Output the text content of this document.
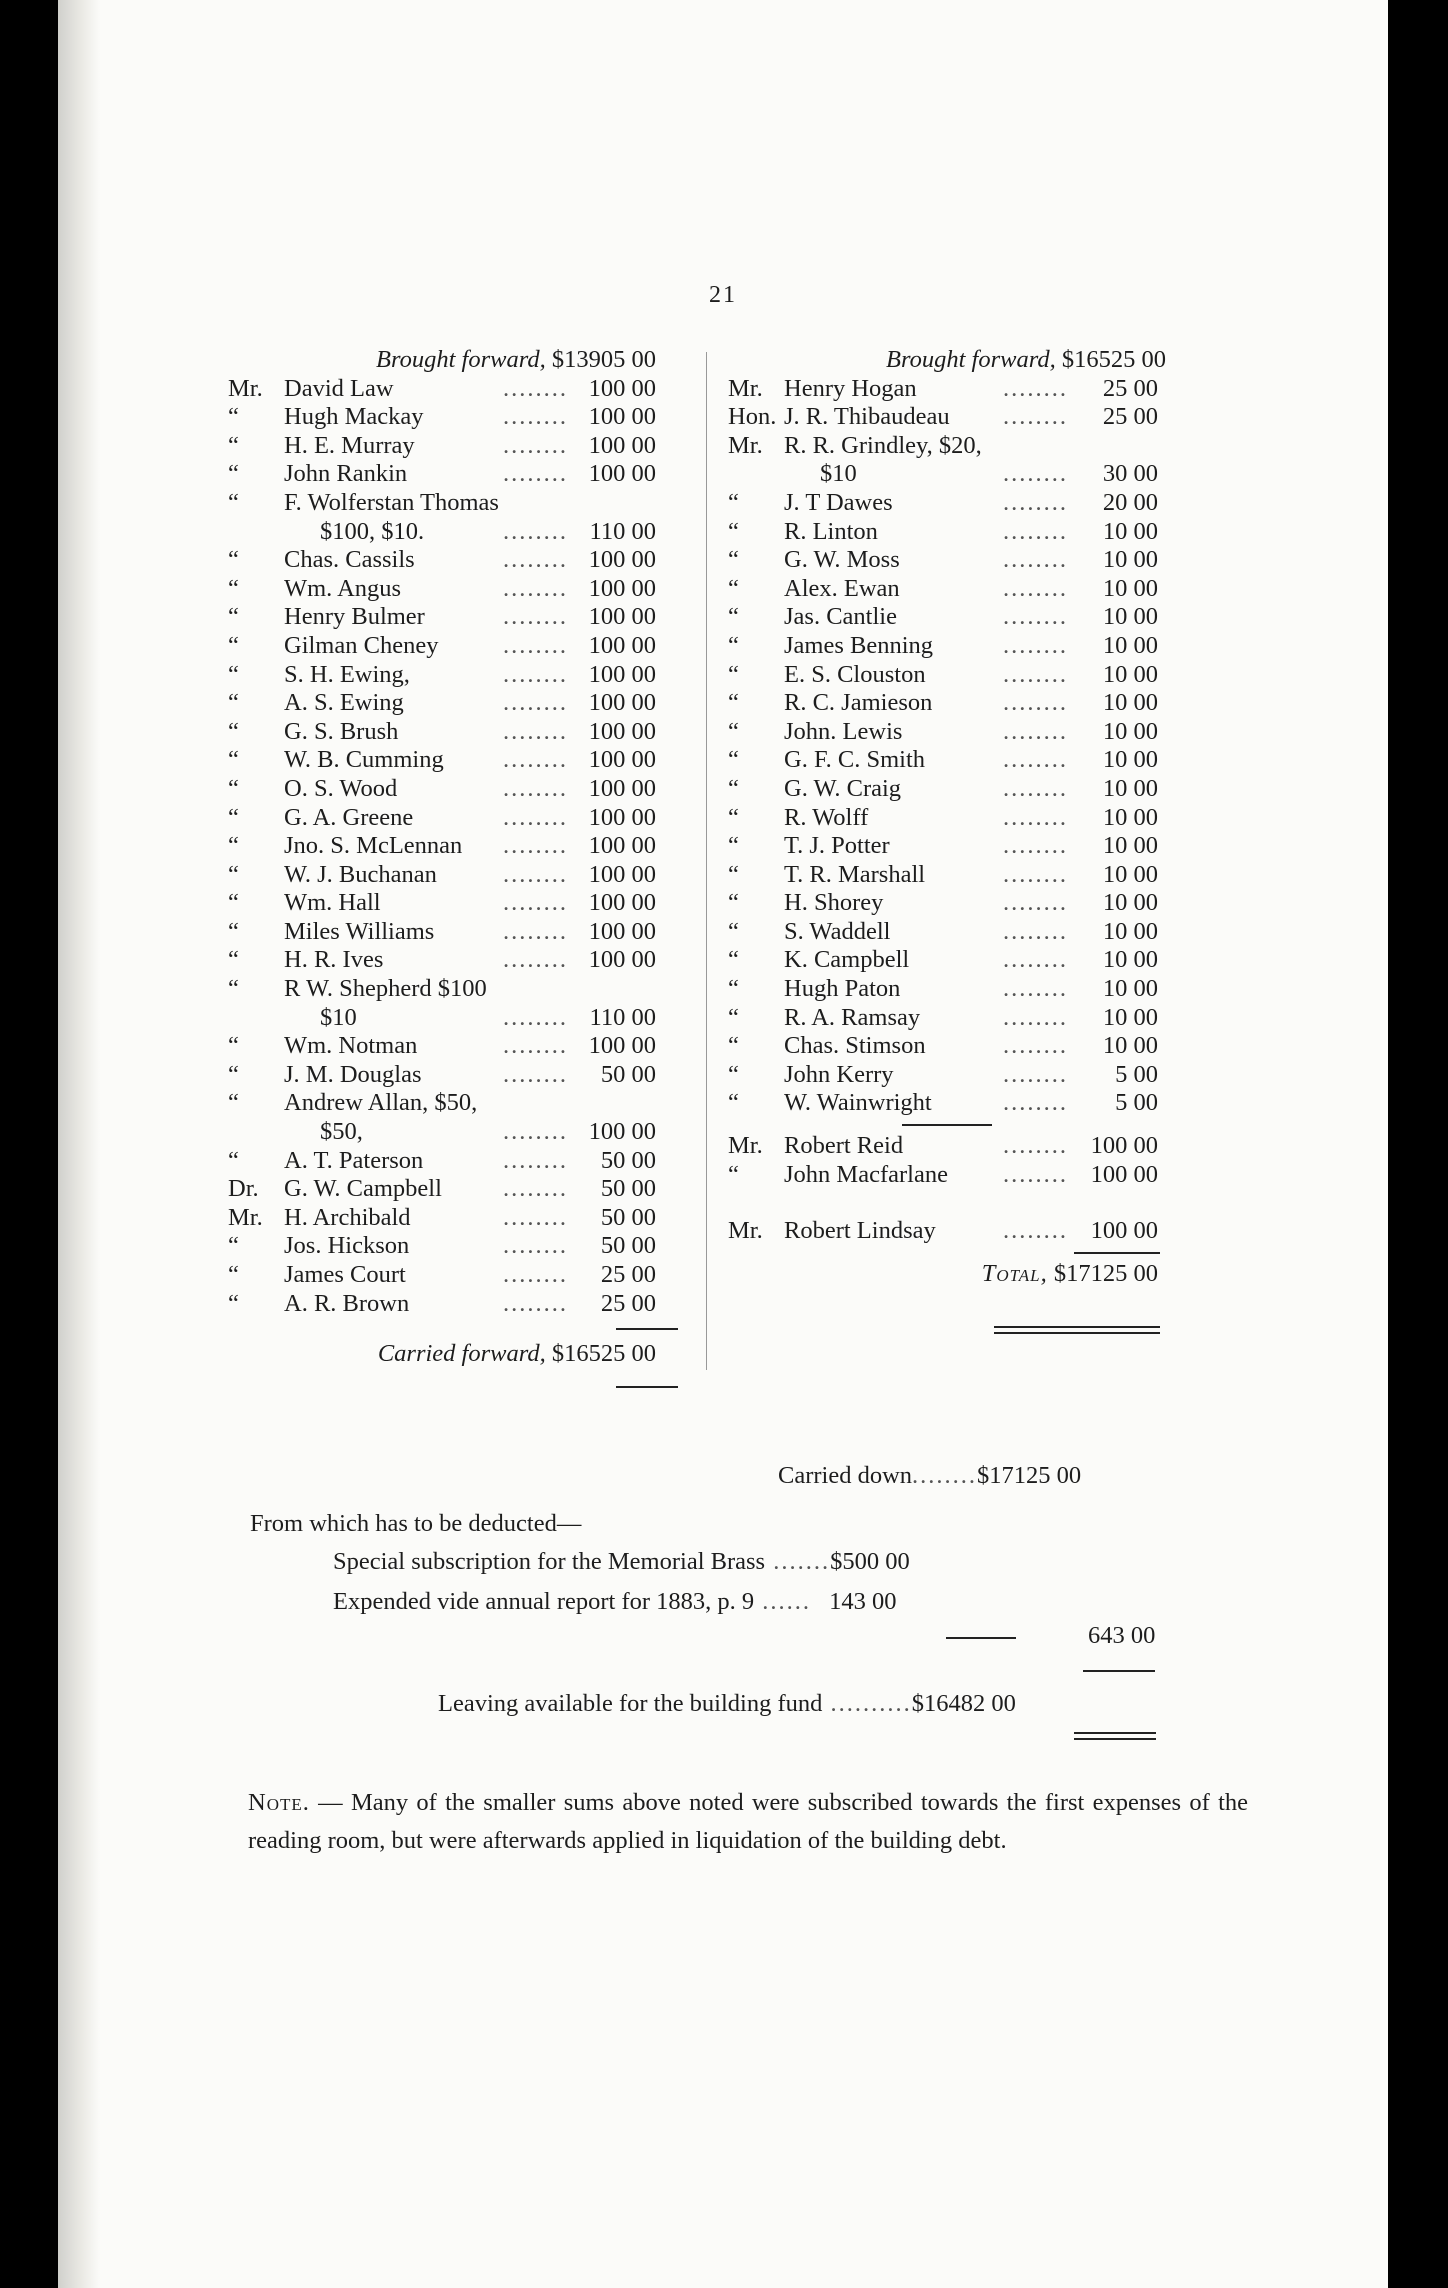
21
Brought forward, $13905 00
Mr. David Law	........ 100 00
“ Hugh Mackay	........ 100 00
“ H. E. Murray	........ 100 00
“ John Rankin	........ 100 00
“ F. Wolferstan Thomas
$100, $10.	........ 110 00
“ Chas. Cassils	........ 100 00
“ Wm. Angus	........ 100 00
“ Henry Bulmer	........ 100 00
“ Gilman Cheney	........ 100 00
“ S. H. Ewing,	........ 100 00
“ A. S. Ewing	........ 100 00
“ G. S. Brush	........ 100 00
“ W. B. Cumming ........ 100 00
“ O. S. Wood	........ 100 00
“ G. A. Greene	........ 100 00
“ Jno. S. McLennan ........ 100 00
“ W. J. Buchanan	........ 100 00
“ Wm. Hall	........ 100 00
“ Miles Williams	........ 100 00
“ H. R. Ives	........ 100 00
“ R W. Shepherd $100
$10	........ 110 00
“ Wm. Notman	........ 100 00
“ J. M. Douglas	........ 50 00
“ Andrew Allan, $50,
$50,	........ 100 00
“ A. T. Paterson	........ 50 00
Dr. G. W. Campbell ........ 50 00
Mr. H. Archibald	........ 50 00
“ Jos. Hickson	........ 50 00
“ James Court	........ 25 00
“ A. R. Brown	........ 25 00
Carried forward, $16525 00
Brought forward, $16525 00
Mr. Henry Hogan	........ 25 00
Hon. J. R. Thibaudeau ........ 25 00
Mr. R. R. Grindley, $20,
$10	........ 30 00
“ J. T Dawes	........ 20 00
“ R. Linton	........ 10 00
“ G. W. Moss	........ 10 00
“ Alex. Ewan	........ 10 00
“ Jas. Cantlie	........ 10 00
“ James Benning	........ 10 00
“ E. S. Clouston	........ 10 00
“ R. C. Jamieson	........ 10 00
“ John. Lewis	........ 10 00
“ G. F. C. Smith	........ 10 00
“ G. W. Craig	........ 10 00
“ R. Wolff	........ 10 00
“ T. J. Potter	........ 10 00
“ T. R. Marshall	........ 10 00
“ H. Shorey	........ 10 00
“ S. Waddell	........ 10 00
“ K. Campbell	........ 10 00
“ Hugh Paton	........ 10 00
“ R. A. Ramsay	........ 10 00
“ Chas. Stimson	........ 10 00
“ John Kerry	........ 5 00
“ W. Wainwright	........ 5 00
Mr. Robert Reid	........ 100 00
“ John Macfarlane ........ 100 00
Mr. Robert Lindsay	........ 100 00
Total, $17125 00
Carried down........$17125 00
From which has to be deducted—
Special subscription for the Memorial Brass .......$500 00
Expended vide annual report for 1883, p. 9 ...... 143 00
643 00
Leaving available for the building fund ..........$16482 00
Note. — Many of the smaller sums above noted were subscribed towards the first expenses of the reading room, but were afterwards applied in liquidation of the building debt.
